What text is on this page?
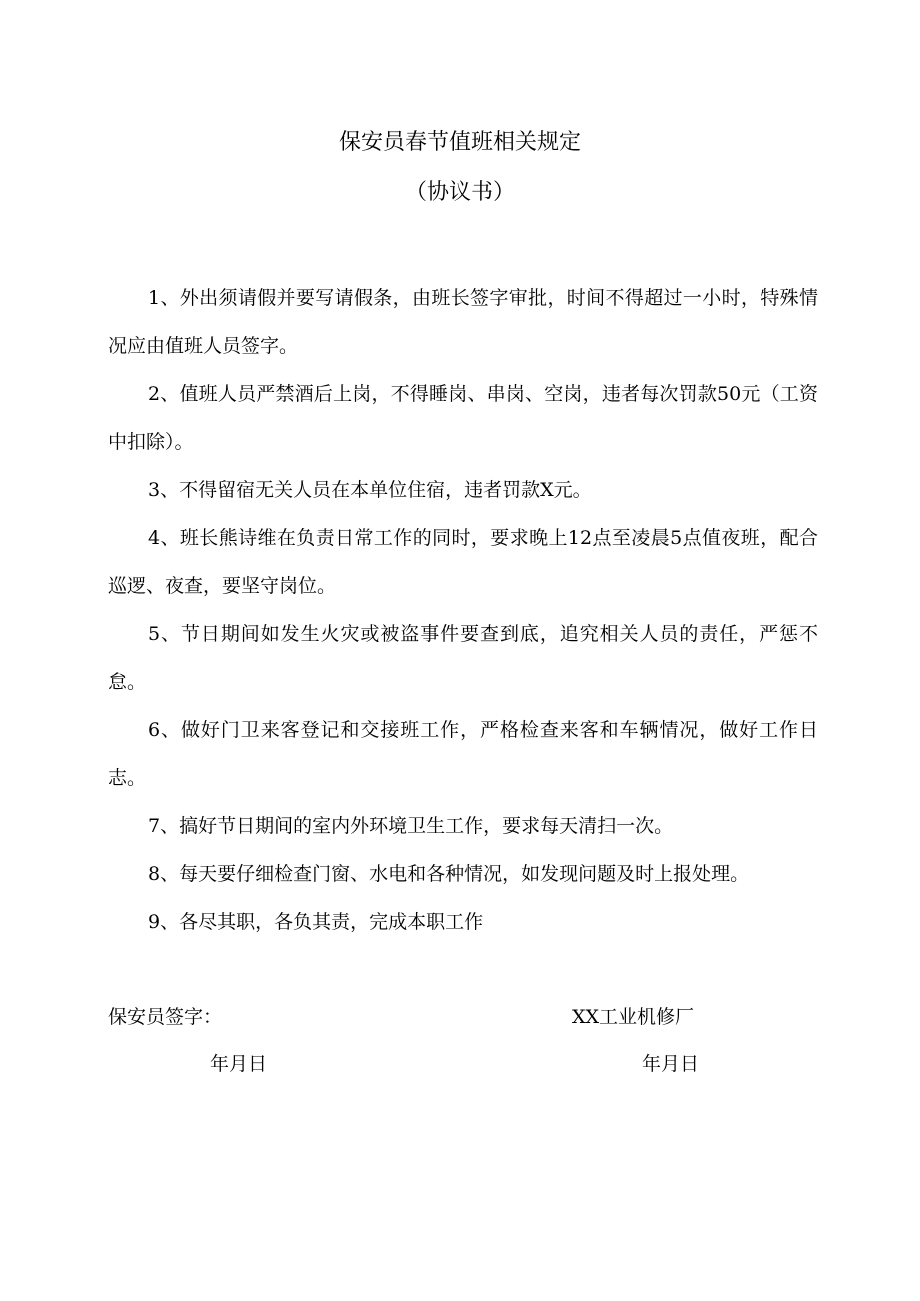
保安员春节值班相关规定
（协议书）

1、外出须请假并要写请假条，由班长签字审批，时间不得超过一小时，特殊情况应由值班人员签字。

2、值班人员严禁酒后上岗，不得睡岗、串岗、空岗，违者每次罚款50元（工资中扣除）。

3、不得留宿无关人员在本单位住宿，违者罚款X元。

4、班长熊诗维在负责日常工作的同时，要求晚上12点至凌晨5点值夜班，配合巡逻、夜查，要坚守岗位。

5、节日期间如发生火灾或被盗事件要查到底，追究相关人员的责任，严惩不怠。

6、做好门卫来客登记和交接班工作，严格检查来客和车辆情况，做好工作日志。

7、搞好节日期间的室内外环境卫生工作，要求每天清扫一次。

8、每天要仔细检查门窗、水电和各种情况，如发现问题及时上报处理。

9、各尽其职，各负其责，完成本职工作

保安员签字：	XX工业机修厂
年月日	年月日
